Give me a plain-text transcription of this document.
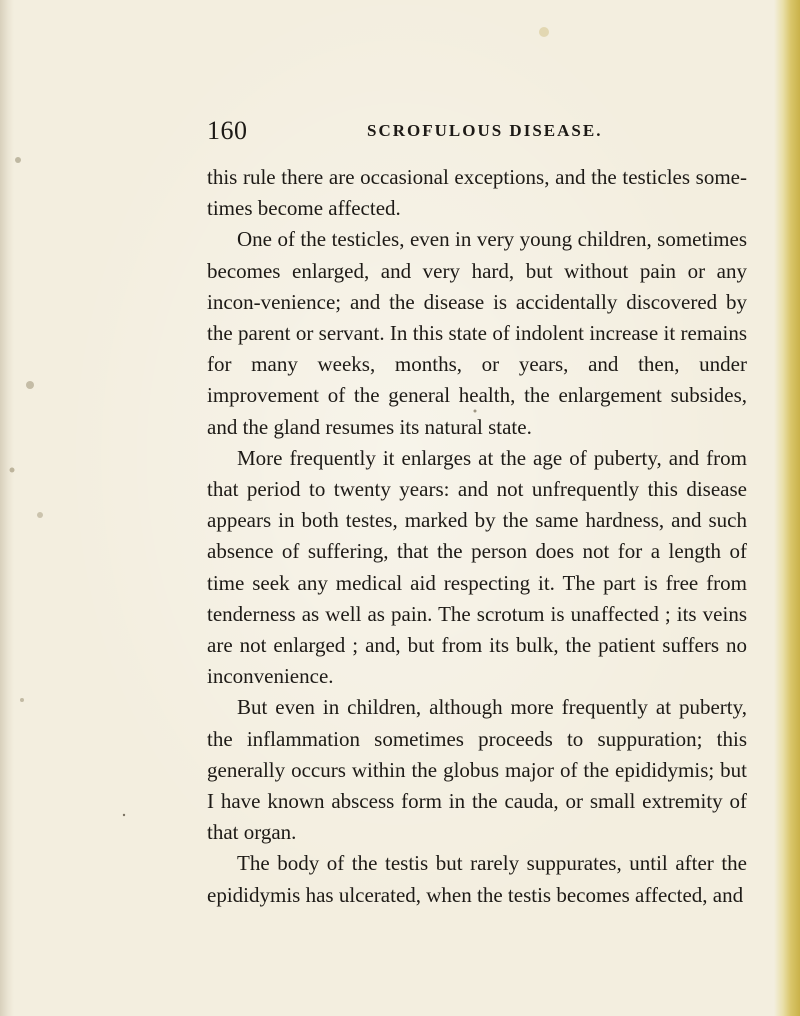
160	SCROFULOUS DISEASE.

this rule there are occasional exceptions, and the testicles some-times become affected.

One of the testicles, even in very young children, sometimes becomes enlarged, and very hard, but without pain or any incon-venience; and the disease is accidentally discovered by the parent or servant. In this state of indolent increase it remains for many weeks, months, or years, and then, under improvement of the general health, the enlargement subsides, and the gland resumes its natural state.

More frequently it enlarges at the age of puberty, and from that period to twenty years: and not unfrequently this disease appears in both testes, marked by the same hardness, and such absence of suffering, that the person does not for a length of time seek any medical aid respecting it. The part is free from tenderness as well as pain. The scrotum is unaffected ; its veins are not enlarged ; and, but from its bulk, the patient suffers no inconvenience.

But even in children, although more frequently at puberty, the inflammation sometimes proceeds to suppuration; this generally occurs within the globus major of the epididymis; but I have known abscess form in the cauda, or small extremity of that organ.

The body of the testis but rarely suppurates, until after the epididymis has ulcerated, when the testis becomes affected, and
